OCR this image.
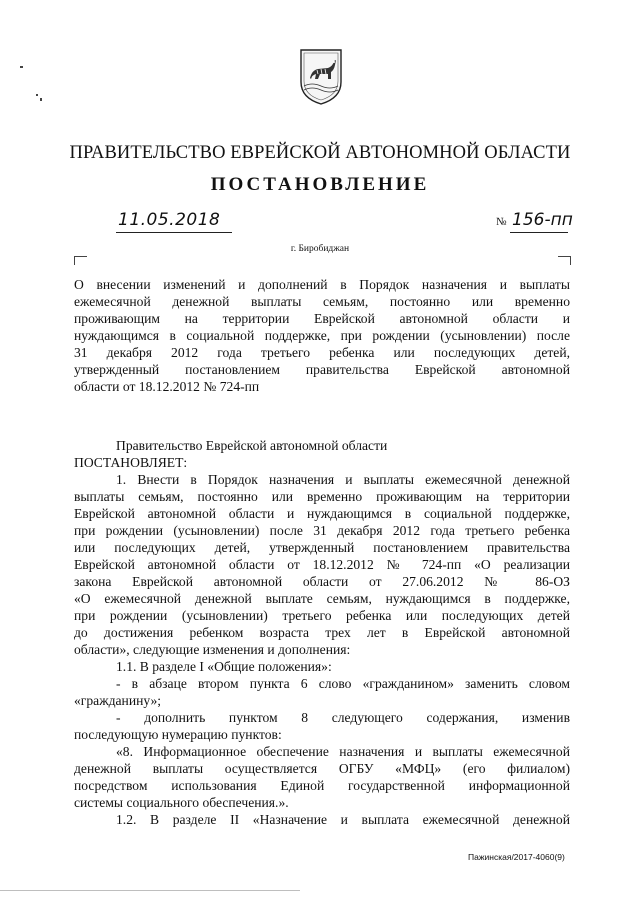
ПРАВИТЕЛЬСТВО ЕВРЕЙСКОЙ АВТОНОМНОЙ ОБЛАСТИ
ПОСТАНОВЛЕНИЕ
11.05.2018	№ 156-пп
г. Биробиджан
О внесении изменений и дополнений в Порядок назначения и выплаты
ежемесячной денежной выплаты семьям, постоянно или временно
проживающим на территории Еврейской автономной области и
нуждающимся в социальной поддержке, при рождении (усыновлении) после
31 декабря 2012 года третьего ребенка или последующих детей,
утвержденный постановлением правительства Еврейской автономной
области от 18.12.2012 № 724-пп
Правительство Еврейской автономной области
ПОСТАНОВЛЯЕТ:
1. Внести в Порядок назначения и выплаты ежемесячной денежной
выплаты семьям, постоянно или временно проживающим на территории
Еврейской автономной области и нуждающимся в социальной поддержке,
при рождении (усыновлении) после 31 декабря 2012 года третьего ребенка
или последующих детей, утвержденный постановлением правительства
Еврейской автономной области от 18.12.2012 № 724-пп «О реализации
закона Еврейской автономной области от 27.06.2012 № 86-ОЗ
«О ежемесячной денежной выплате семьям, нуждающимся в поддержке,
при рождении (усыновлении) третьего ребенка или последующих детей
до достижения ребенком возраста трех лет в Еврейской автономной
области», следующие изменения и дополнения:
1.1. В разделе I «Общие положения»:
- в абзаце втором пункта 6 слово «гражданином» заменить словом
«гражданину»;
- дополнить пунктом 8 следующего содержания, изменив
последующую нумерацию пунктов:
«8. Информационное обеспечение назначения и выплаты ежемесячной
денежной выплаты осуществляется ОГБУ «МФЦ» (его филиалом)
посредством использования Единой государственной информационной
системы социального обеспечения.».
1.2. В разделе II «Назначение и выплата ежемесячной денежной
Пажинская/2017-4060(9)
